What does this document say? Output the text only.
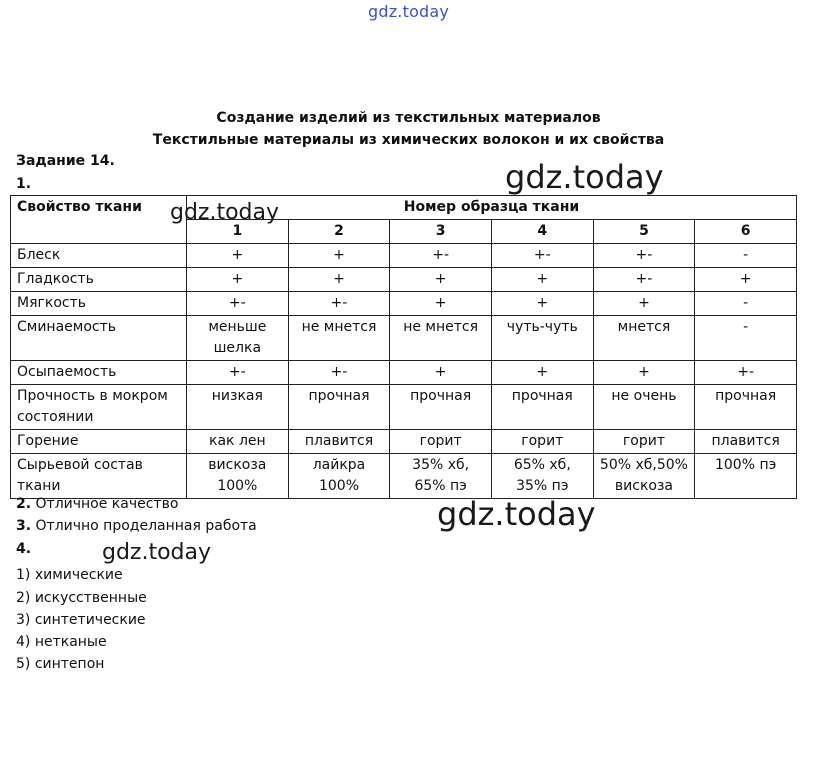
gdz.today
Создание изделий из текстильных материалов
Текстильные материалы из химических волокон и их свойства
Задание 14.
1.
Свойство ткани	Номер образца ткани					
	1	2	3	4	5	6
Блеск	+	+	+-	+-	+-	-
Гладкость	+	+	+	+	+-	+
Мягкость	+-	+-	+	+	+	-
Сминаемость	меньше шелка	не мнется	не мнется	чуть-чуть	мнется	-
Осыпаемость	+-	+-	+	+	+	+-
Прочность в мокром состоянии	низкая	прочная	прочная	прочная	не очень	прочная
Горение	как лен	плавится	горит	горит	горит	плавится
Сырьевой состав ткани	вискоза 100%	лайкра 100%	35% хб, 65% пэ	65% хб, 35% пэ	50% хб,50% вискоза	100% пэ
gdz.today
gdz.today
gdz.today
gdz.today
2. Отличное качество
3. Отлично проделанная работа
4.
1) химические
2) искусственные
3) синтетические
4) нетканые
5) синтепон
